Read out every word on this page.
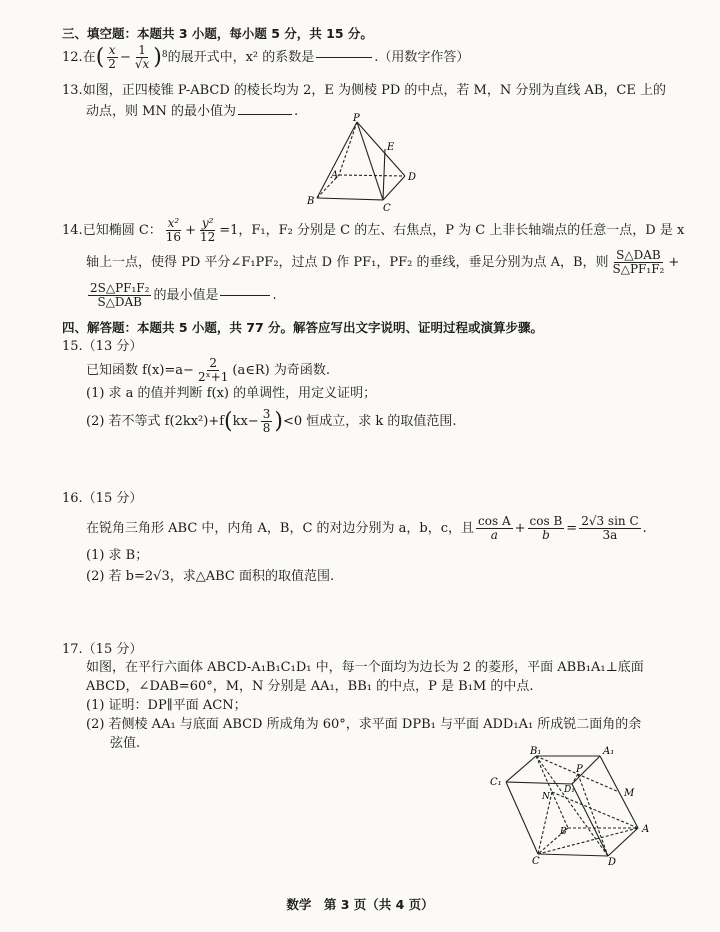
三、填空题：本题共 3 小题，每小题 5 分，共 15 分。
12. 在 ( $\frac{x}{2} - \frac{1}{√x}$ ) 8 的展开式中，x² 的系数是	.（用数字作答）
13.如图，正四棱锥 P-ABCD 的棱长均为 2，E 为侧棱 PD 的中点，若 M，N 分别为直线 AB，CE 上的
动点，则 MN 的最小值为	.	P
E
A
B
C
D
14. 已知椭圆 C： $\frac{\text{x²}}{16} + \frac{\text{y²}}{12} =1$，F₁，F₂ 分别是 C 的左、右焦点，P 为 C 上非长轴端点的任意一点，D 是 x
轴上一点，使得 PD 平分∠F₁PF₂，过点 D 作 PF₁，PF₂ 的垂线，垂足分别为点 A，B，则 $\frac{\text{S△DAB}}{\text{S△PF₁F₂}}$ +
$\frac{\text{2S△PF₁F₂}}{\text{S△DAB}}$ 的最小值是	.
四、解答题：本题共 5 小题，共 77 分。解答应写出文字说明、证明过程或演算步骤。
15.（13 分）
已知函数 $f(x)=a- \frac{2}{\text{2ˣ+1}}$ (a∈R) 为奇函数.
(1) 求 a 的值并判断 f(x) 的单调性，用定义证明；
(2) 若不等式 f(2kx²)+f ( $kx- \frac{3}{8}$ ) <0 恒成立，求 k 的取值范围.
16.（15 分）
在锐角三角形 ABC 中，内角 A，B，C 的对边分别为 a，b，c，且 $\frac{\text{cos A}}{a} + \frac{\text{cos B}}{b} = \frac{\text{2√3 sin C}}{3a}$ .
(1) 求 B；
(2) 若 b=2√3，求△ABC 面积的取值范围.
17.（15 分）
如图，在平行六面体 ABCD-A₁B₁C₁D₁ 中，每一个面均为边长为 2 的菱形，平面 ABB₁A₁⊥底面
ABCD，∠DAB=60°，M，N 分别是 AA₁，BB₁ 的中点，P 是 B₁M 的中点.
(1) 证明：DP∥平面 ACN；
(2) 若侧棱 AA₁ 与底面 ABCD 所成角为 60°，求平面 DPB₁ 与平面 ADD₁A₁ 所成锐二面角的余
弦值.
B₁	A₁
C₁
D₁
P
N	M
B	A
C	D
数学　第 3 页（共 4 页）
